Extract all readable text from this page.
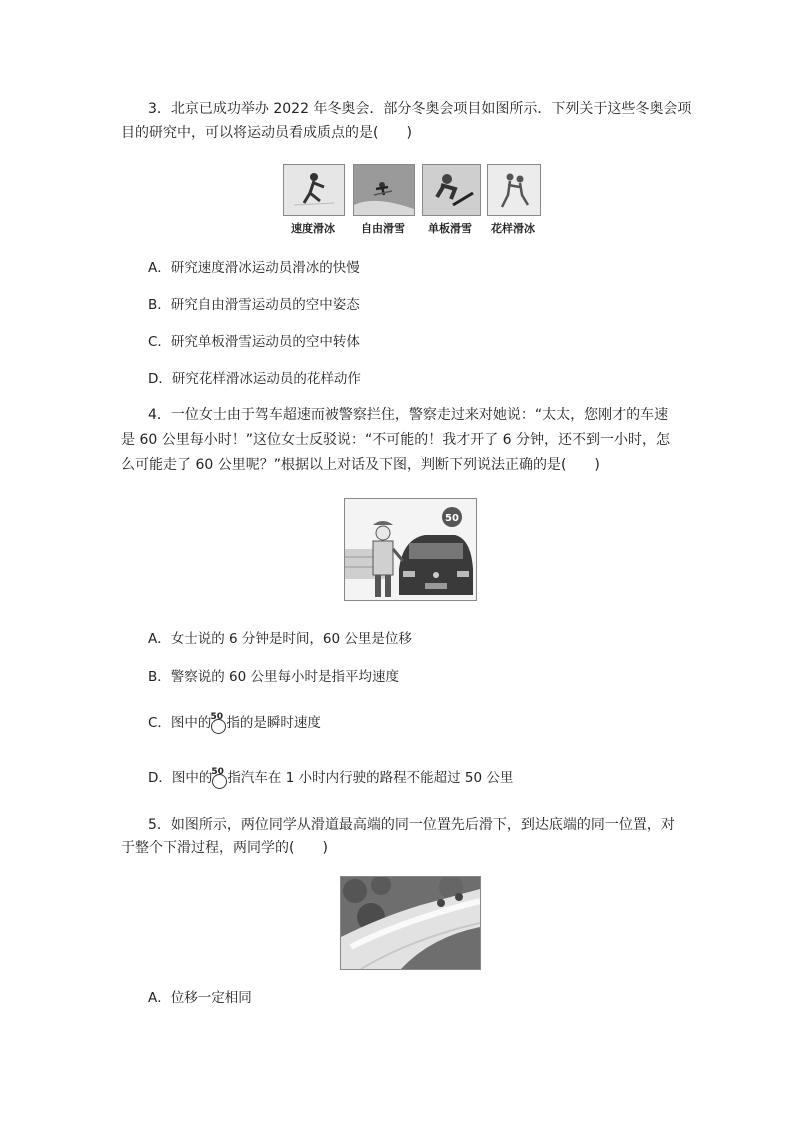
3．北京已成功举办 2022 年冬奥会．部分冬奥会项目如图所示．下列关于这些冬奥会项
目的研究中，可以将运动员看成质点的是(　　)
速度滑冰	自由滑雪	单板滑雪	花样滑冰
A．研究速度滑冰运动员滑冰的快慢
B．研究自由滑雪运动员的空中姿态
C．研究单板滑雪运动员的空中转体
D．研究花样滑冰运动员的花样动作
4．一位女士由于驾车超速而被警察拦住，警察走过来对她说：“太太，您刚才的车速
是 60 公里每小时！”这位女士反驳说：“不可能的！我才开了 6 分钟，还不到一小时，怎
么可能走了 60 公里呢？”根据以上对话及下图，判断下列说法正确的是(　　)
50
A．女士说的 6 分钟是时间，60 公里是位移
B．警察说的 60 公里每小时是指平均速度
C．图中的 50 指的是瞬时速度
D．图中的 50 指汽车在 1 小时内行驶的路程不能超过 50 公里
5．如图所示，两位同学从滑道最高端的同一位置先后滑下，到达底端的同一位置，对
于整个下滑过程，两同学的(　　)
A．位移一定相同
